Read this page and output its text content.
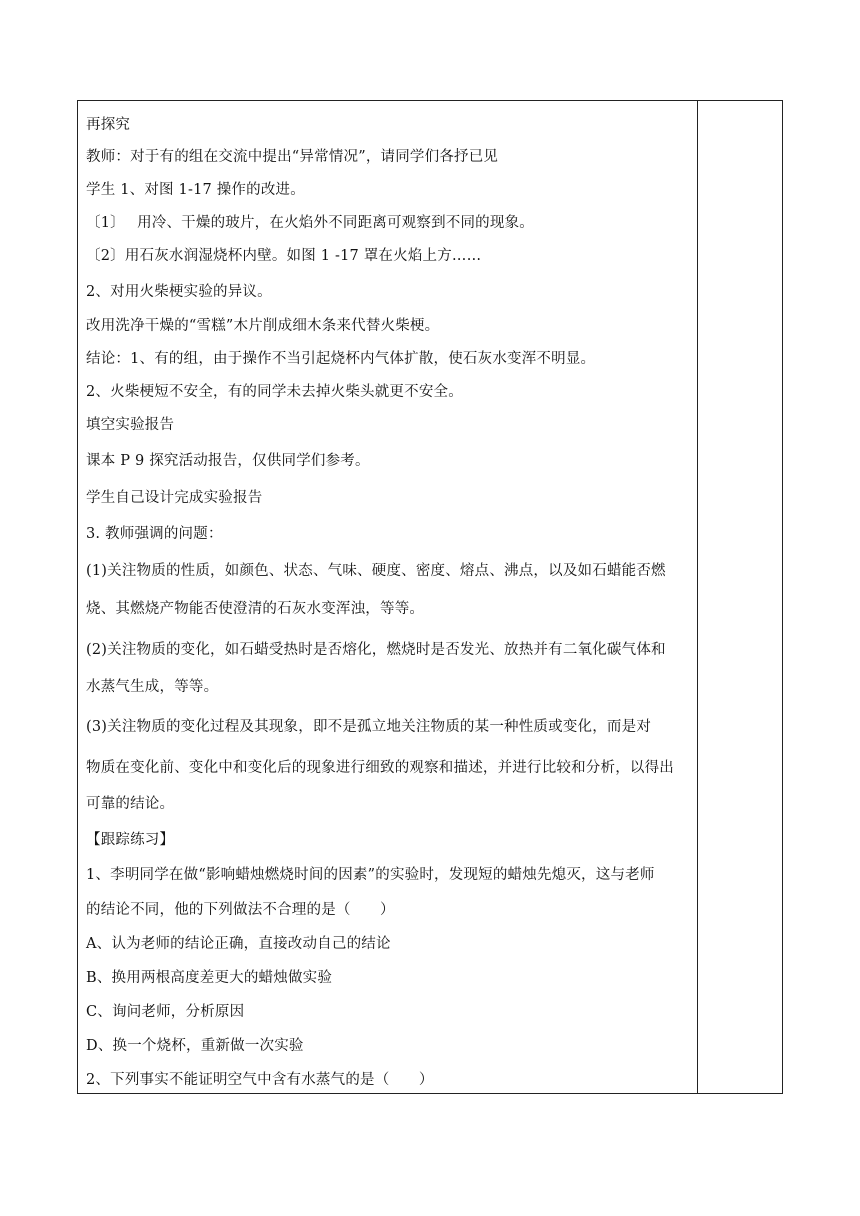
再探究
教师：对于有的组在交流中提出“异常情况”，请同学们各抒已见
学生 1、对图 1-17 操作的改进。
〔1〕　 用冷、干燥的玻片，在火焰外不同距离可观察到不同的现象。
〔2〕用石灰水润湿烧杯内壁。如图 1 -17 罩在火焰上方……
2、对用火柴梗实验的异议。
改用洗净干燥的“雪糕”木片削成细木条来代替火柴梗。
结论：1、有的组，由于操作不当引起烧杯内气体扩散，使石灰水变浑不明显。
2、火柴梗短不安全，有的同学未去掉火柴头就更不安全。
填空实验报告
课本 P 9 探究活动报告，仅供同学们参考。
学生自己设计完成实验报告
3. 教师强调的问题：
(1)关注物质的性质，如颜色、状态、气味、硬度、密度、熔点、沸点，以及如石蜡能否燃
烧、其燃烧产物能否使澄清的石灰水变浑浊，等等。
(2)关注物质的变化，如石蜡受热时是否熔化，燃烧时是否发光、放热并有二氧化碳气体和
水蒸气生成，等等。
(3)关注物质的变化过程及其现象，即不是孤立地关注物质的某一种性质或变化，而是对
物质在变化前、变化中和变化后的现象进行细致的观察和描述，并进行比较和分析，以得出
可靠的结论。
【跟踪练习】
1、李明同学在做“影响蜡烛燃烧时间的因素”的实验时，发现短的蜡烛先熄灭，这与老师
的结论不同，他的下列做法不合理的是（　　）
A、认为老师的结论正确，直接改动自己的结论
B、换用两根高度差更大的蜡烛做实验
C、询问老师，分析原因
D、换一个烧杯，重新做一次实验
2、下列事实不能证明空气中含有水蒸气的是（　　）
